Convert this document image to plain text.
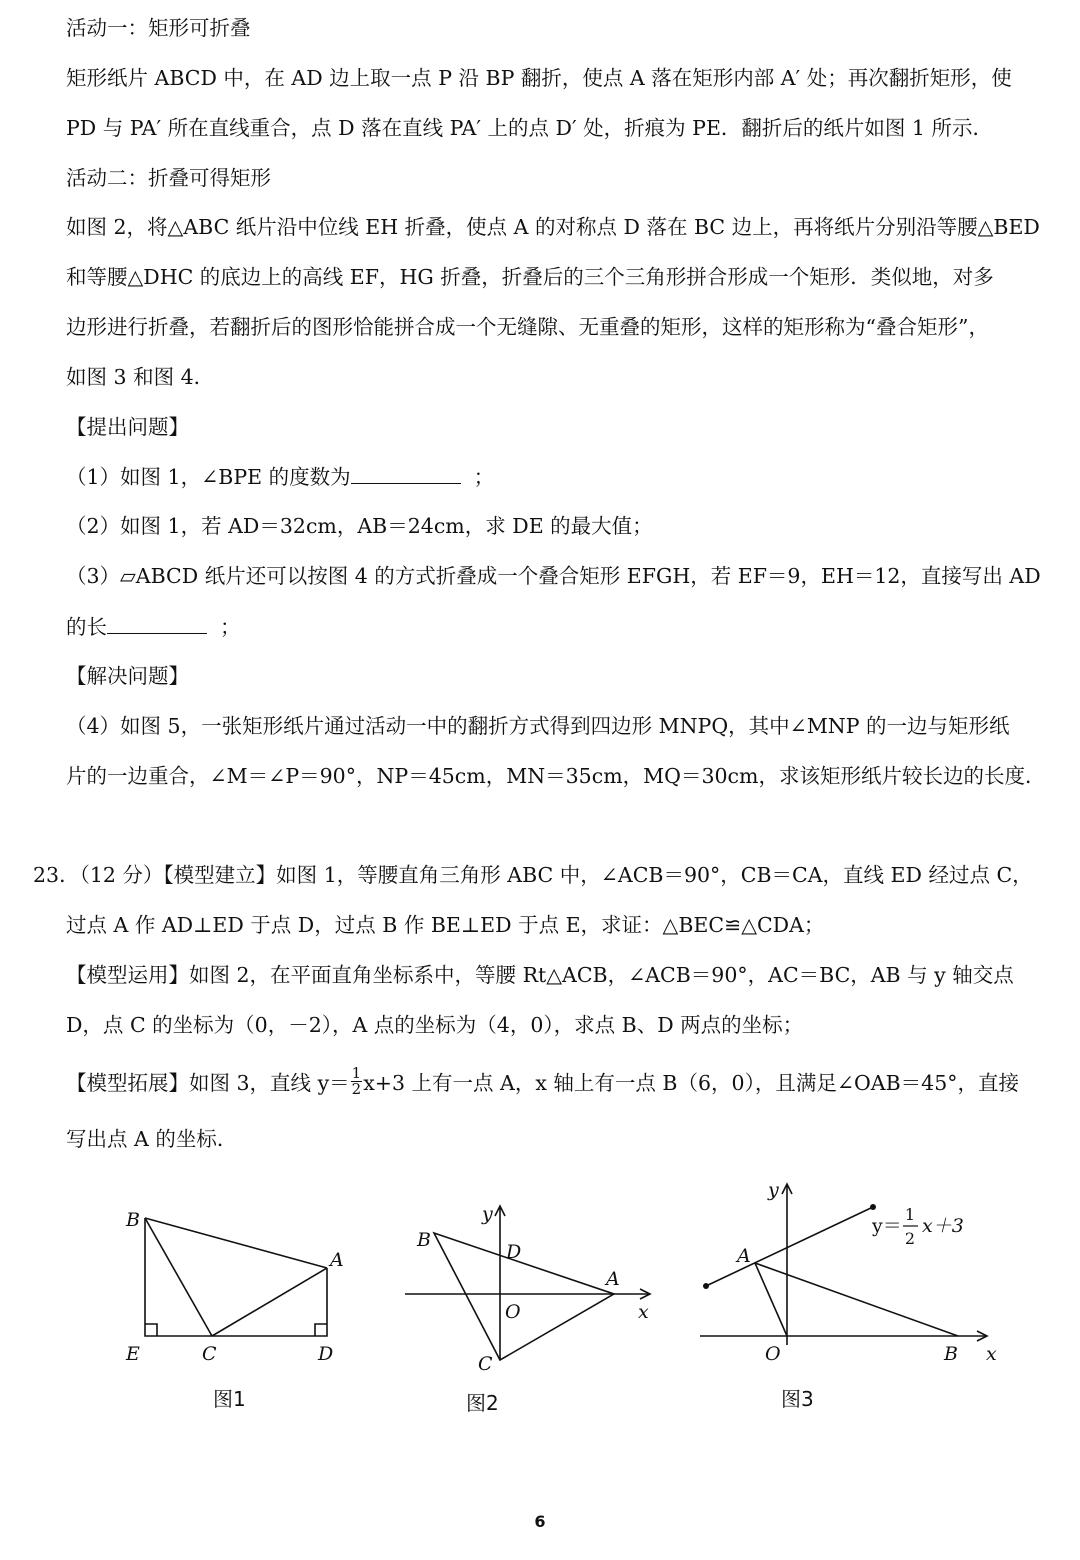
活动一：矩形可折叠
矩形纸片 ABCD 中，在 AD 边上取一点 P 沿 BP 翻折，使点 A 落在矩形内部 A′ 处；再次翻折矩形，使
PD 与 PA′ 所在直线重合，点 D 落在直线 PA′ 上的点 D′ 处，折痕为 PE．翻折后的纸片如图 1 所示．
活动二：折叠可得矩形
如图 2，将△ABC 纸片沿中位线 EH 折叠，使点 A 的对称点 D 落在 BC 边上，再将纸片分别沿等腰△BED
和等腰△DHC 的底边上的高线 EF，HG 折叠，折叠后的三个三角形拼合形成一个矩形．类似地，对多
边形进行折叠，若翻折后的图形恰能拼合成一个无缝隙、无重叠的矩形，这样的矩形称为“叠合矩形”，
如图 3 和图 4．
【提出问题】
（1）如图 1，∠BPE 的度数为	；
（2）如图 1，若 AD＝32cm，AB＝24cm，求 DE 的最大值；
（3）▱ABCD 纸片还可以按图 4 的方式折叠成一个叠合矩形 EFGH，若 EF＝9，EH＝12，直接写出 AD
的长	；
【解决问题】
（4）如图 5，一张矩形纸片通过活动一中的翻折方式得到四边形 MNPQ，其中∠MNP 的一边与矩形纸
片的一边重合，∠M＝∠P＝90°，NP＝45cm，MN＝35cm，MQ＝30cm，求该矩形纸片较长边的长度．
23．（12 分）【模型建立】如图 1，等腰直角三角形 ABC 中，∠ACB＝90°，CB＝CA，直线 ED 经过点 C，
过点 A 作 AD⊥ED 于点 D，过点 B 作 BE⊥ED 于点 E，求证：△BEC≌△CDA；
【模型运用】如图 2，在平面直角坐标系中，等腰 Rt△ACB，∠ACB＝90°，AC＝BC，AB 与 y 轴交点
D，点 C 的坐标为（0，－2），A 点的坐标为（4，0），求点 B、D 两点的坐标；
【模型拓展】如图 3，直线 $y= \frac{1}{2} x+3$ 上有一点 A，x 轴上有一点 B（6，0），且满足∠OAB＝45°，直接
写出点 A 的坐标．
B
A
E	C	D
图1
y
B
D
A
O	x
C
图2
y
A
O	B x
y＝
1
2
x＋3
图3
6
